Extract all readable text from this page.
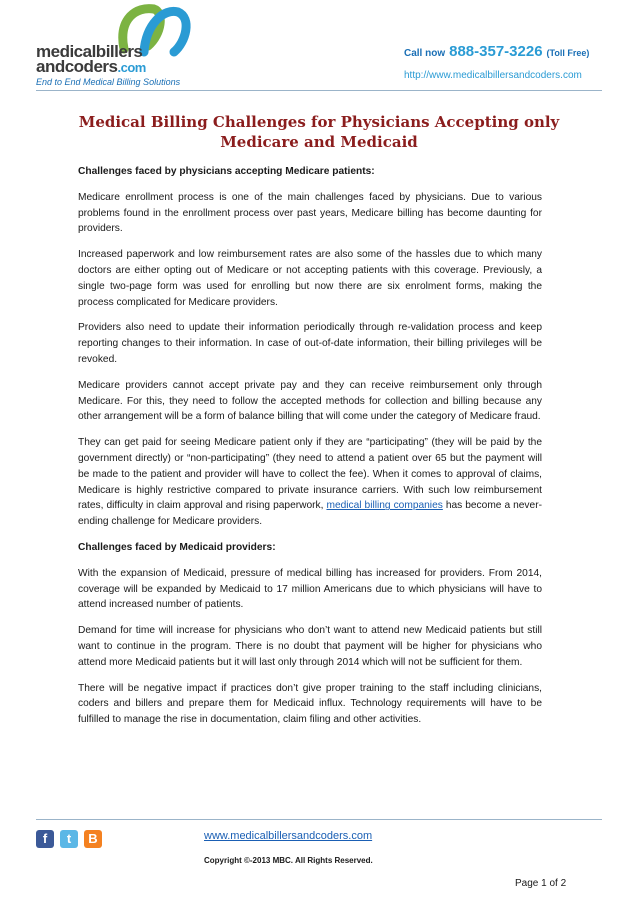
medicalbillers
andcoders.com
End to End Medical Billing Solutions
Call now 888-357-3226 (Toll Free)
http://www.medicalbillersandcoders.com
Medical Billing Challenges for Physicians Accepting only Medicare and Medicaid
Challenges faced by physicians accepting Medicare patients:

Medicare enrollment process is one of the main challenges faced by physicians. Due to various problems found in the enrollment process over past years, Medicare billing has become daunting for providers.

Increased paperwork and low reimbursement rates are also some of the hassles due to which many doctors are either opting out of Medicare or not accepting patients with this coverage. Previously, a single two-page form was used for enrolling but now there are six enrolment forms, making the process complicated for Medicare providers.

Providers also need to update their information periodically through re-validation process and keep reporting changes to their information. In case of out-of-date information, their billing privileges will be revoked.

Medicare providers cannot accept private pay and they can receive reimbursement only through Medicare. For this, they need to follow the accepted methods for collection and billing because any other arrangement will be a form of balance billing that will come under the category of Medicare fraud.

They can get paid for seeing Medicare patient only if they are “participating” (they will be paid by the government directly) or “non-participating” (they need to attend a patient over 65 but the payment will be made to the patient and provider will have to collect the fee). When it comes to approval of claims, Medicare is highly restrictive compared to private insurance carriers. With such low reimbursement rates, difficulty in claim approval and rising paperwork, medical billing companies has become a never-ending challenge for Medicare providers.

Challenges faced by Medicaid providers:

With the expansion of Medicaid, pressure of medical billing has increased for providers. From 2014, coverage will be expanded by Medicaid to 17 million Americans due to which physicians will have to attend increased number of patients.

Demand for time will increase for physicians who don’t want to attend new Medicaid patients but still want to continue in the program. There is no doubt that payment will be higher for physicians who attend more Medicaid patients but it will last only through 2014 which will not be sufficient for them.

There will be negative impact if practices don’t give proper training to the staff including clinicians, coders and billers and prepare them for Medicaid influx. Technology requirements will have to be fulfilled to manage the rise in documentation, claim filing and other activities.

f	t	B	www.medicalbillersandcoders.com
Copyright ©-2013 MBC. All Rights Reserved.
Page 1 of 2
